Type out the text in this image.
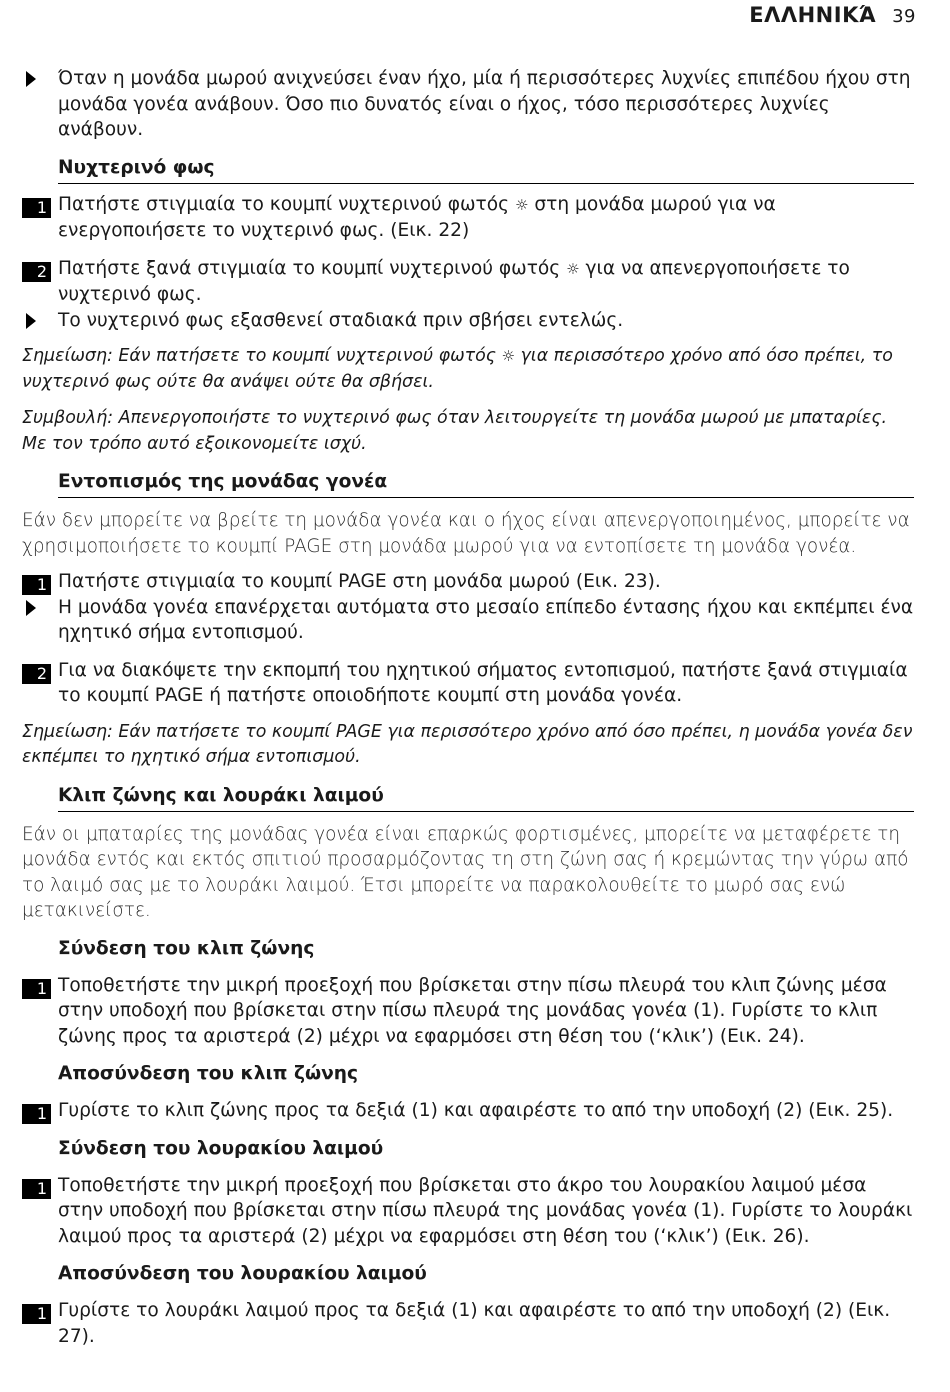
ΕΛΛΗΝΙΚΆ 39
Όταν η μονάδα μωρού ανιχνεύσει έναν ήχο, μία ή περισσότερες λυχνίες επιπέδου ήχου στη μονάδα γονέα ανάβουν. Όσο πιο δυνατός είναι ο ήχος, τόσο περισσότερες λυχνίες ανάβουν.
Νυχτερινό φως
1 Πατήστε στιγμιαία το κουμπί νυχτερινού φωτός ☼ στη μονάδα μωρού για να ενεργοποιήσετε το νυχτερινό φως. (Εικ. 22)
2 Πατήστε ξανά στιγμιαία το κουμπί νυχτερινού φωτός ☼ για να απενεργοποιήσετε το νυχτερινό φως.
Το νυχτερινό φως εξασθενεί σταδιακά πριν σβήσει εντελώς.
Σημείωση: Εάν πατήσετε το κουμπί νυχτερινού φωτός ☼ για περισσότερο χρόνο από όσο πρέπει, το νυχτερινό φως ούτε θα ανάψει ούτε θα σβήσει.
Συμβουλή: Απενεργοποιήστε το νυχτερινό φως όταν λειτουργείτε τη μονάδα μωρού με μπαταρίες. Με τον τρόπο αυτό εξοικονομείτε ισχύ.
Εντοπισμός της μονάδας γονέα
Εάν δεν μπορείτε να βρείτε τη μονάδα γονέα και ο ήχος είναι απενεργοποιημένος, μπορείτε να χρησιμοποιήσετε το κουμπί PAGE στη μονάδα μωρού για να εντοπίσετε τη μονάδα γονέα.
1 Πατήστε στιγμιαία το κουμπί PAGE στη μονάδα μωρού (Εικ. 23).
Η μονάδα γονέα επανέρχεται αυτόματα στο μεσαίο επίπεδο έντασης ήχου και εκπέμπει ένα ηχητικό σήμα εντοπισμού.
2 Για να διακόψετε την εκπομπή του ηχητικού σήματος εντοπισμού, πατήστε ξανά στιγμιαία το κουμπί PAGE ή πατήστε οποιοδήποτε κουμπί στη μονάδα γονέα.
Σημείωση: Εάν πατήσετε το κουμπί PAGE για περισσότερο χρόνο από όσο πρέπει, η μονάδα γονέα δεν εκπέμπει το ηχητικό σήμα εντοπισμού.
Κλιπ ζώνης και λουράκι λαιμού
Εάν οι μπαταρίες της μονάδας γονέα είναι επαρκώς φορτισμένες, μπορείτε να μεταφέρετε τη μονάδα εντός και εκτός σπιτιού προσαρμόζοντας τη στη ζώνη σας ή κρεμώντας την γύρω από το λαιμό σας με το λουράκι λαιμού. Έτσι μπορείτε να παρακολουθείτε το μωρό σας ενώ μετακινείστε.
Σύνδεση του κλιπ ζώνης
1 Τοποθετήστε την μικρή προεξοχή που βρίσκεται στην πίσω πλευρά του κλιπ ζώνης μέσα στην υποδοχή που βρίσκεται στην πίσω πλευρά της μονάδας γονέα (1). Γυρίστε το κλιπ ζώνης προς τα αριστερά (2) μέχρι να εφαρμόσει στη θέση του (‘κλικ’) (Εικ. 24).
Αποσύνδεση του κλιπ ζώνης
1 Γυρίστε το κλιπ ζώνης προς τα δεξιά (1) και αφαιρέστε το από την υποδοχή (2) (Εικ. 25).
Σύνδεση του λουρακίου λαιμού
1 Τοποθετήστε την μικρή προεξοχή που βρίσκεται στο άκρο του λουρακίου λαιμού μέσα στην υποδοχή που βρίσκεται στην πίσω πλευρά της μονάδας γονέα (1). Γυρίστε το λουράκι λαιμού προς τα αριστερά (2) μέχρι να εφαρμόσει στη θέση του (‘κλικ’) (Εικ. 26).
Αποσύνδεση του λουρακίου λαιμού
1 Γυρίστε το λουράκι λαιμού προς τα δεξιά (1) και αφαιρέστε το από την υποδοχή (2) (Εικ. 27).
